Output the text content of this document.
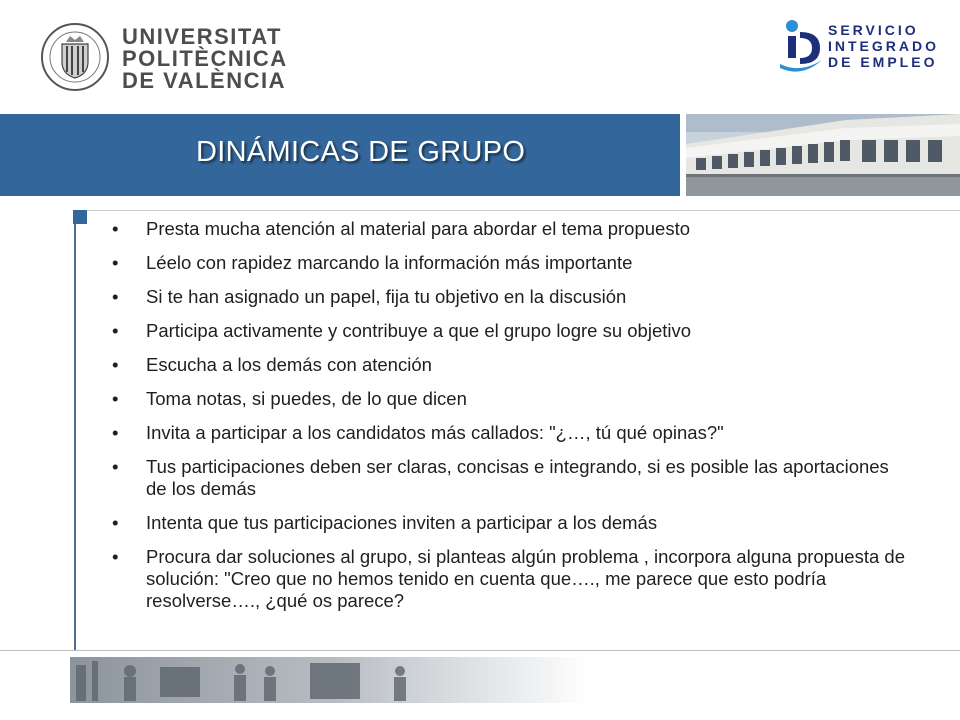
UNIVERSITAT
POLITÈCNICA
DE VALÈNCIA
SERVICIO
INTEGRADO
DE EMPLEO
DINÁMICAS DE GRUPO
• Presta mucha atención al material para abordar el tema propuesto
• Léelo con rapidez marcando la información más importante
• Si te han asignado un papel, fija tu objetivo en la discusión
• Participa activamente y contribuye a que el grupo logre su objetivo
• Escucha a los demás con atención
• Toma notas, si puedes, de lo que dicen
• Invita a participar a los candidatos más callados: "¿…, tú qué opinas?"
• Tus participaciones deben ser claras, concisas e integrando, si es posible las aportaciones de los demás
• Intenta que tus participaciones inviten a participar a los demás
• Procura dar soluciones al grupo, si planteas algún problema , incorpora alguna propuesta de solución: "Creo que no hemos tenido en cuenta que…., me parece que esto podría resolverse…., ¿qué os parece?
